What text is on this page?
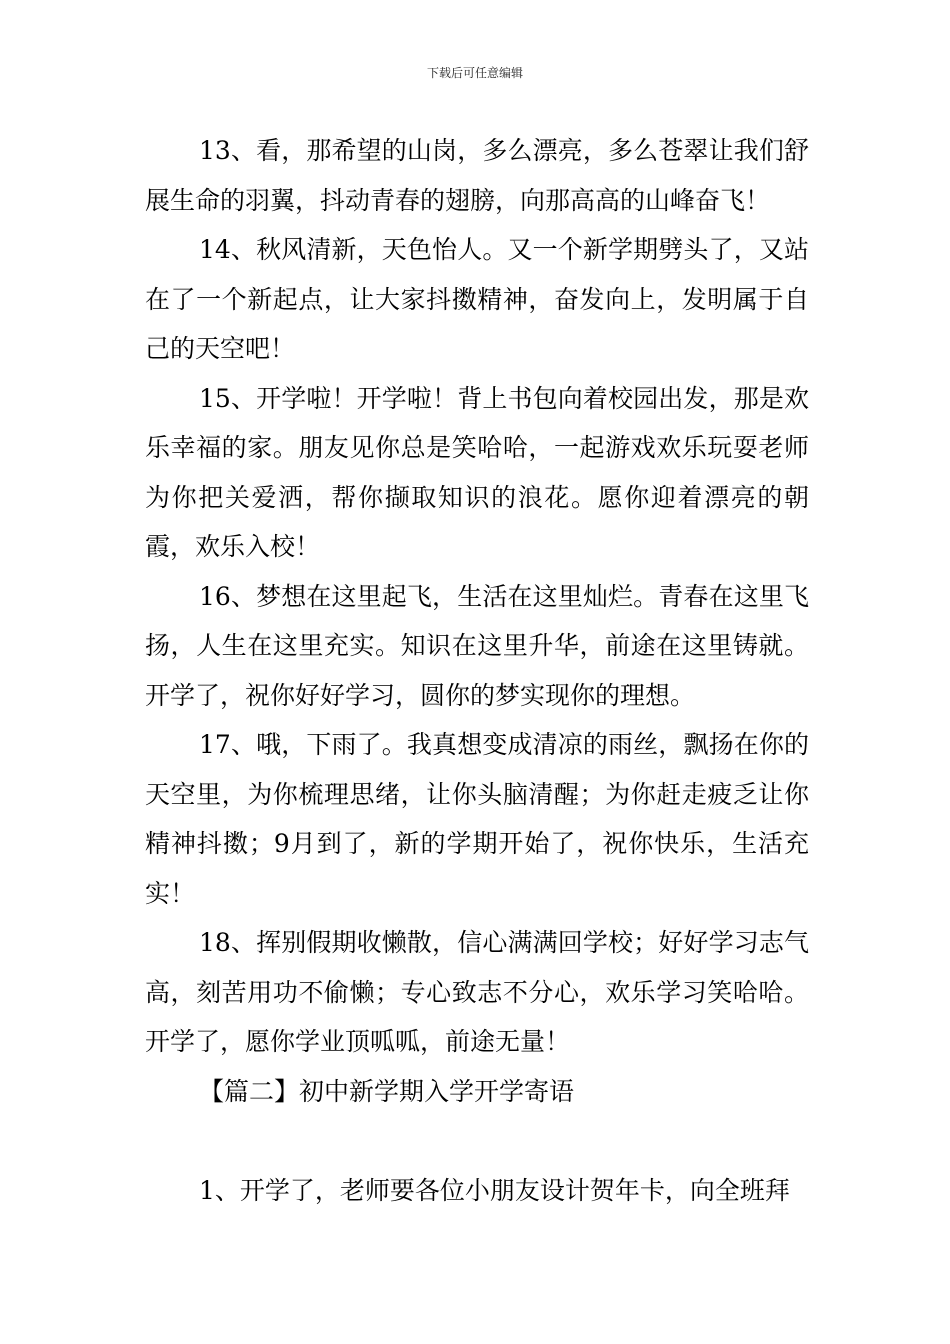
下载后可任意编辑

13、看，那希望的山岗，多么漂亮，多么苍翠让我们舒展生命的羽翼，抖动青春的翅膀，向那高高的山峰奋飞！

14、秋风清新，天色怡人。又一个新学期劈头了，又站在了一个新起点，让大家抖擞精神，奋发向上，发明属于自己的天空吧！

15、开学啦！开学啦！背上书包向着校园出发，那是欢乐幸福的家。朋友见你总是笑哈哈，一起游戏欢乐玩耍老师为你把关爱洒，帮你撷取知识的浪花。愿你迎着漂亮的朝霞，欢乐入校！

16、梦想在这里起飞，生活在这里灿烂。青春在这里飞扬，人生在这里充实。知识在这里升华，前途在这里铸就。开学了，祝你好好学习，圆你的梦实现你的理想。

17、哦，下雨了。我真想变成清凉的雨丝，飘扬在你的天空里，为你梳理思绪，让你头脑清醒；为你赶走疲乏让你精神抖擞；9月到了，新的学期开始了，祝你快乐，生活充实！

18、挥别假期收懒散，信心满满回学校；好好学习志气高，刻苦用功不偷懒；专心致志不分心，欢乐学习笑哈哈。开学了，愿你学业顶呱呱，前途无量！

【篇二】初中新学期入学开学寄语

1、开学了，老师要各位小朋友设计贺年卡，向全班拜
